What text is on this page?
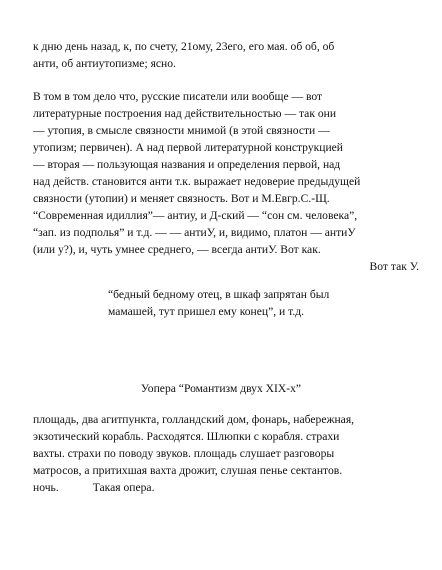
к дню день назад, к, по счету, 21ому, 23его, его мая. об об, об
анти, об антиутопизме; ясно.
В том в том дело что, русские писатели или вообще — вот
литературные построения над действительностью — так они
— утопия, в смысле связности мнимой (в этой связности —
утопизм; первичен). А над первой литературной конструкцией
— вторая — пользующая названия и определения первой, над
над действ. становится анти т.к. выражает недоверие предыдущей
связности (утопии) и меняет связность. Вот и М.Евгр.С.-Щ.
“Современная идиллия”— антиу, и Д-ский — “сон см. человека”,
“зап. из подполья” и т.д. — — антиУ, и, видимо, платон — антиУ
(или у?), и, чуть умнее среднего, — всегда антиУ. Вот как.
Вот так У.
“бедный бедному отец, в шкаф запрятан был
мамашей, тут пришел ему конец”, и т.д.
Уопера “Романтизм двух XIX-х”
площадь, два агитпункта, голландский дом, фонарь, набережная,
экзотический корабль. Расходятся. Шлюпки с корабля. страхи
вахты. страхи по поводу звуков. площадь слушает разговоры
матросов, а притихшая вахта дрожит, слушая пенье сектантов.
ночь.	Такая опера.
